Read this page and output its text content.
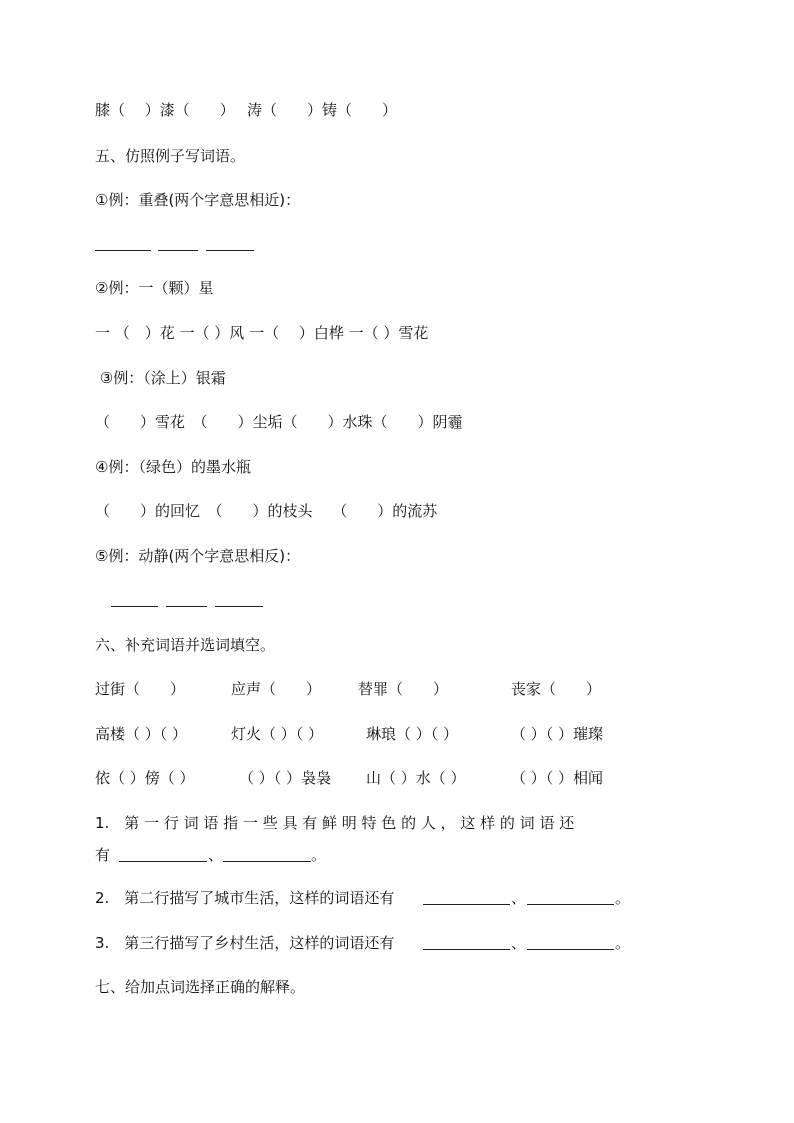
膝（　 ）漆（　　）　 涛（　　）铸（　　）
五、仿照例子写词语。
①例：重叠(两个字意思相近)：
②例：一（颗）星
一 （　）花 一（ ）风 一（　 ）白桦 一（ ）雪花
③例：（涂上）银霜
（　　）雪花　（　　）尘垢（　　）水珠（　　）阴霾
④例：（绿色）的墨水瓶
（　　）的回忆　（　　）的枝头　 （　　）的流苏
⑤例：动静(两个字意思相反)：
六、补充词语并选词填空。
过街（　　）	应声（　　） 替罪（　　）	丧家（　　）
高楼（ ）（ ）	灯火（ ）（ ）	琳琅（ ）（ ）	（ ）（ ）璀璨
依（ ）傍（ ）	（ ）（ ）袅袅 山（ ）水（ ）	（ ）（ ）相闻
1.　第 一 行 词 语 指 一 些 具 有 鲜 明 特 色 的 人 ， 这 样 的 词 语 还
有	、	。
2.　第二行描写了城市生活，这样的词语还有	、	。
3.　第三行描写了乡村生活，这样的词语还有	、	。
七、给加点词选择正确的解释。
